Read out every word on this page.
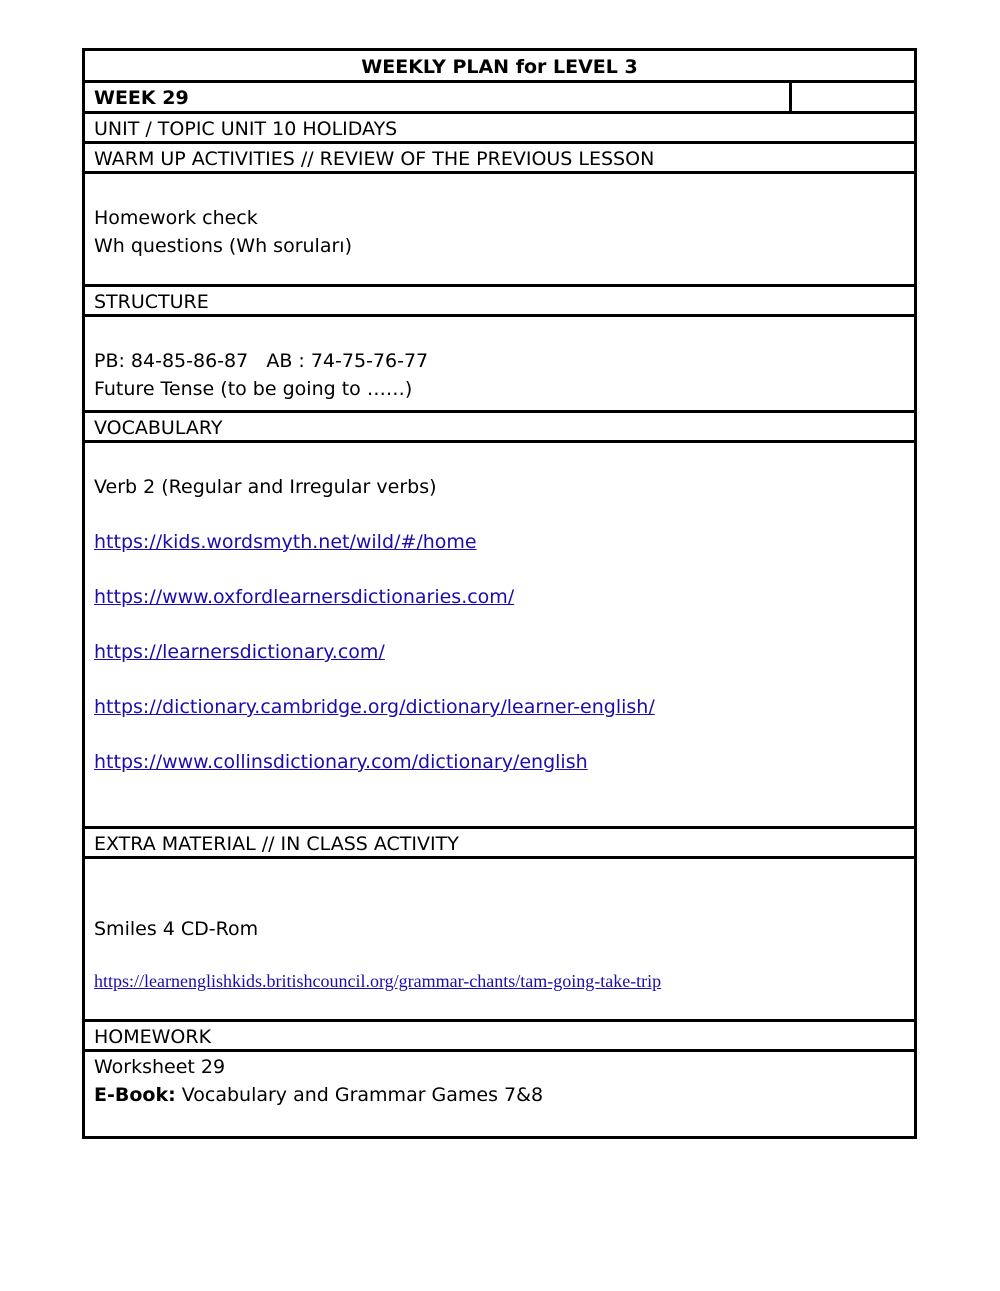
WEEKLY PLAN for LEVEL 3
WEEK 29
UNIT / TOPIC UNIT 10 HOLIDAYS
WARM UP ACTIVITIES // REVIEW OF THE PREVIOUS LESSON

Homework check

Wh questions (Wh soruları)

STRUCTURE

PB: 84-85-86-87   AB : 74-75-76-77

Future Tense (to be going to ……)

VOCABULARY

Verb 2 (Regular and Irregular verbs)

https://kids.wordsmyth.net/wild/#/home

https://www.oxfordlearnersdictionaries.com/

https://learnersdictionary.com/

https://dictionary.cambridge.org/dictionary/learner-english/

https://www.collinsdictionary.com/dictionary/english

EXTRA MATERIAL // IN CLASS ACTIVITY

Smiles 4 CD-Rom

https://learnenglishkids.britishcouncil.org/grammar-chants/tam-going-take-trip

HOMEWORK

Worksheet 29

E-Book: Vocabulary and Grammar Games 7&8
